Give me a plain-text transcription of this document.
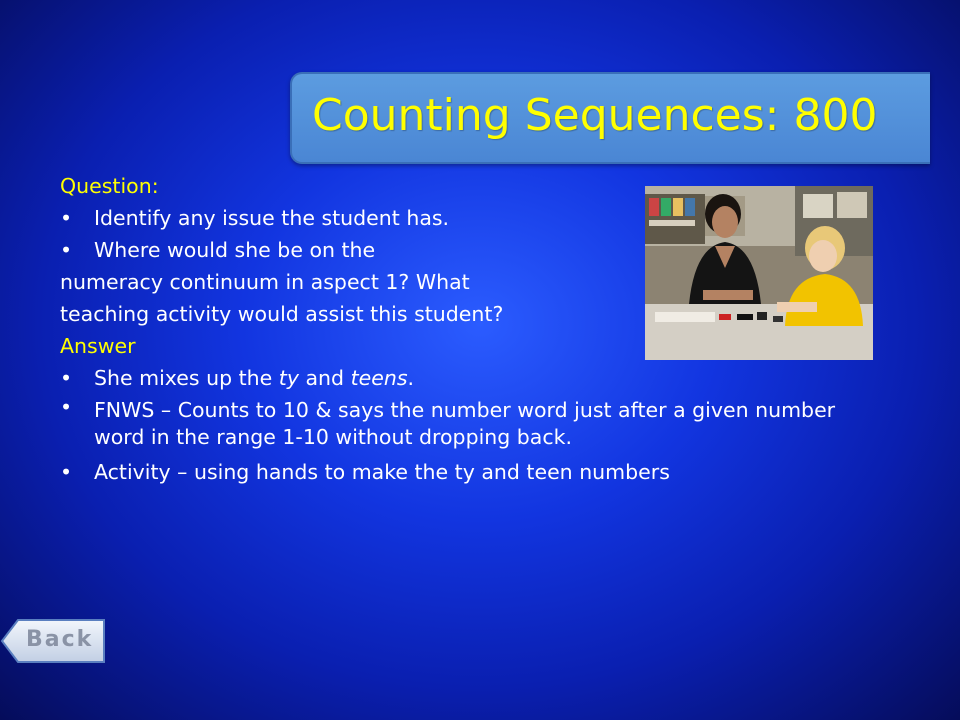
Counting Sequences: 800
Question:
• Identify any issue the student has.
• Where would she be on the
numeracy continuum in aspect 1? What
teaching activity would assist this student?
Answer
• She mixes up the ty and teens.
• FNWS – Counts to 10 & says the number word just after a given number word in the range 1-10 without dropping back.
• Activity – using hands to make the ty and teen numbers
Back
